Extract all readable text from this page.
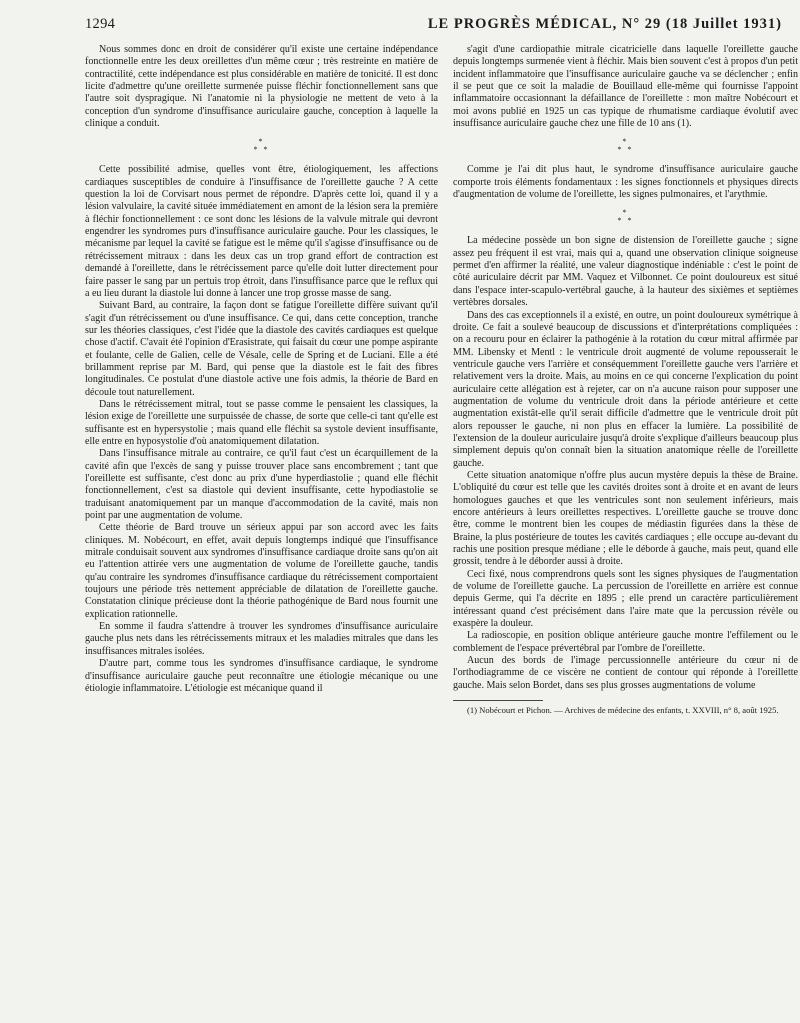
1294	LE PROGRÈS MÉDICAL, N° 29 (18 Juillet 1931)

Nous sommes donc en droit de considérer qu'il existe une certaine indépendance fonctionnelle entre les deux oreillettes d'un même cœur ; très restreinte en matière de contractilité, cette indépendance est plus considérable en matière de tonicité. Il est donc licite d'admettre qu'une oreillette surmenée puisse fléchir fonctionnellement sans que l'autre soit dyspragique. Ni l'anatomie ni la physiologie ne mettent de veto à la conception d'un syndrome d'insuffisance auriculaire gauche, conception à laquelle la clinique a conduit.

*
* *

Cette possibilité admise, quelles vont être, étiologiquement, les affections cardiaques susceptibles de conduire à l'insuffisance de l'oreillette gauche ? A cette question la loi de Corvisart nous permet de répondre. D'après cette loi, quand il y a lésion valvulaire, la cavité située immédiatement en amont de la lésion sera la première à fléchir fonctionnellement : ce sont donc les lésions de la valvule mitrale qui devront engendrer les syndromes purs d'insuffisance auriculaire gauche. Pour les classiques, le mécanisme par lequel la cavité se fatigue est le même qu'il s'agisse d'insuffisance ou de rétrécissement mitraux : dans les deux cas un trop grand effort de contraction est demandé à l'oreillette, dans le rétrécissement parce qu'elle doit lutter directement pour faire passer le sang par un pertuis trop étroit, dans l'insuffisance parce que le reflux qui a eu lieu durant la diastole lui donne à lancer une trop grosse masse de sang.

Suivant Bard, au contraire, la façon dont se fatigue l'oreillette diffère suivant qu'il s'agit d'un rétrécissement ou d'une insuffisance. Ce qui, dans cette conception, tranche sur les théories classiques, c'est l'idée que la diastole des cavités cardiaques est quelque chose d'actif. C'avait été l'opinion d'Erasistrate, qui faisait du cœur une pompe aspirante et foulante, celle de Galien, celle de Vésale, celle de Spring et de Luciani. Elle a été brillamment reprise par M. Bard, qui pense que la diastole est le fait des fibres longitudinales. Ce postulat d'une diastole active une fois admis, la théorie de Bard en découle tout naturellement.

Dans le rétrécissement mitral, tout se passe comme le pensaient les classiques, la lésion exige de l'oreillette une surpuissée de chasse, de sorte que celle-ci tant qu'elle est suffisante est en hypersystolie ; mais quand elle fléchit sa systole devient insuffisante, elle entre en hyposystolie d'où anatomiquement dilatation.

Dans l'insuffisance mitrale au contraire, ce qu'il faut c'est un écarquillement de la cavité afin que l'excès de sang y puisse trouver place sans encombrement ; tant que l'oreillette est suffisante, c'est donc au prix d'une hyperdiastolie ; quand elle fléchit fonctionnellement, c'est sa diastole qui devient insuffisante, cette hypodiastolie se traduisant anatomiquement par un manque d'accommodation de la cavité, mais non point par une augmentation de volume.

Cette théorie de Bard trouve un sérieux appui par son accord avec les faits cliniques. M. Nobécourt, en effet, avait depuis longtemps indiqué que l'insuffisance mitrale conduisait souvent aux syndromes d'insuffisance cardiaque droite sans qu'on ait eu l'attention attirée vers une augmentation de volume de l'oreillette gauche, tandis qu'au contraire les syndromes d'insuffisance cardiaque du rétrécissement comportaient toujours une période très nettement appréciable de dilatation de l'oreillette gauche. Constatation clinique précieuse dont la théorie pathogénique de Bard nous fournit une explication rationnelle.

En somme il faudra s'attendre à trouver les syndromes d'insuffisance auriculaire gauche plus nets dans les rétrécissements mitraux et les maladies mitrales que dans les insuffisances mitrales isolées.

D'autre part, comme tous les syndromes d'insuffisance cardiaque, le syndrome d'insuffisance auriculaire gauche peut reconnaître une étiologie mécanique ou une étiologie inflammatoire. L'étiologie est mécanique quand il

s'agit d'une cardiopathie mitrale cicatricielle dans laquelle l'oreillette gauche depuis longtemps surmenée vient à fléchir. Mais bien souvent c'est à propos d'un petit incident inflammatoire que l'insuffisance auriculaire gauche va se déclencher ; enfin il se peut que ce soit la maladie de Bouillaud elle-même qui fournisse l'appoint inflammatoire occasionnant la défaillance de l'oreillette : mon maître Nobécourt et moi avons publié en 1925 un cas typique de rhumatisme cardiaque évolutif avec insuffisance auriculaire gauche chez une fille de 10 ans (1).

*
* *

Comme je l'ai dit plus haut, le syndrome d'insuffisance auriculaire gauche comporte trois éléments fondamentaux : les signes fonctionnels et physiques directs d'augmentation de volume de l'oreillette, les signes pulmonaires, et l'arythmie.

*
* *

La médecine possède un bon signe de distension de l'oreillette gauche ; signe assez peu fréquent il est vrai, mais qui a, quand une observation clinique soigneuse permet d'en affirmer la réalité, une valeur diagnostique indéniable : c'est le point de côté auriculaire décrit par MM. Vaquez et Vilbonnet. Ce point douloureux est situé dans l'espace inter-scapulo-vertébral gauche, à la hauteur des sixièmes et septièmes vertèbres dorsales.

Dans des cas exceptionnels il a existé, en outre, un point douloureux symétrique à droite. Ce fait a soulevé beaucoup de discussions et d'interprétations compliquées : on a recouru pour en éclairer la pathogénie à la rotation du cœur mitral affirmée par MM. Libensky et Mentl : le ventricule droit augmenté de volume repousserait le ventricule gauche vers l'arrière et conséquemment l'oreillette gauche vers l'arrière et relativement vers la droite. Mais, au moins en ce qui concerne l'explication du point auriculaire cette allégation est à rejeter, car on n'a aucune raison pour supposer une augmentation de volume du ventricule droit dans la période antérieure et cette augmentation existât-elle qu'il serait difficile d'admettre que le ventricule droit pût alors repousser le gauche, ni non plus en effacer la lumière. La possibilité de l'extension de la douleur auriculaire jusqu'à droite s'explique d'ailleurs beaucoup plus simplement depuis qu'on connaît bien la situation anatomique réelle de l'oreillette gauche.

Cette situation anatomique n'offre plus aucun mystère depuis la thèse de Braine. L'obliquité du cœur est telle que les cavités droites sont à droite et en avant de leurs homologues gauches et que les ventricules sont non seulement inférieurs, mais encore antérieurs à leurs oreillettes respectives. L'oreillette gauche se trouve donc être, comme le montrent bien les coupes de médiastin figurées dans la thèse de Braine, la plus postérieure de toutes les cavités cardiaques ; elle occupe au-devant du rachis une position presque médiane ; elle le déborde à gauche, mais peut, quand elle grossit, tendre à le déborder aussi à droite.

Ceci fixé, nous comprendrons quels sont les signes physiques de l'augmentation de volume de l'oreillette gauche. La percussion de l'oreillette en arrière est connue depuis Germe, qui l'a décrite en 1895 ; elle prend un caractère particulièrement intéressant quand c'est précisément dans l'aire mate que la percussion révèle ou exaspère la douleur.

La radioscopie, en position oblique antérieure gauche montre l'effilement ou le comblement de l'espace prévertébral par l'ombre de l'oreillette.

Aucun des bords de l'image percussionnelle antérieure du cœur ni de l'orthodiagramme de ce viscère ne contient de contour qui réponde à l'oreillette gauche. Mais selon Bordet, dans ses plus grosses augmentations de volume

(1) Nobécourt et Pichon. — Archives de médecine des enfants, t. XXVIII, n° 8, août 1925.
